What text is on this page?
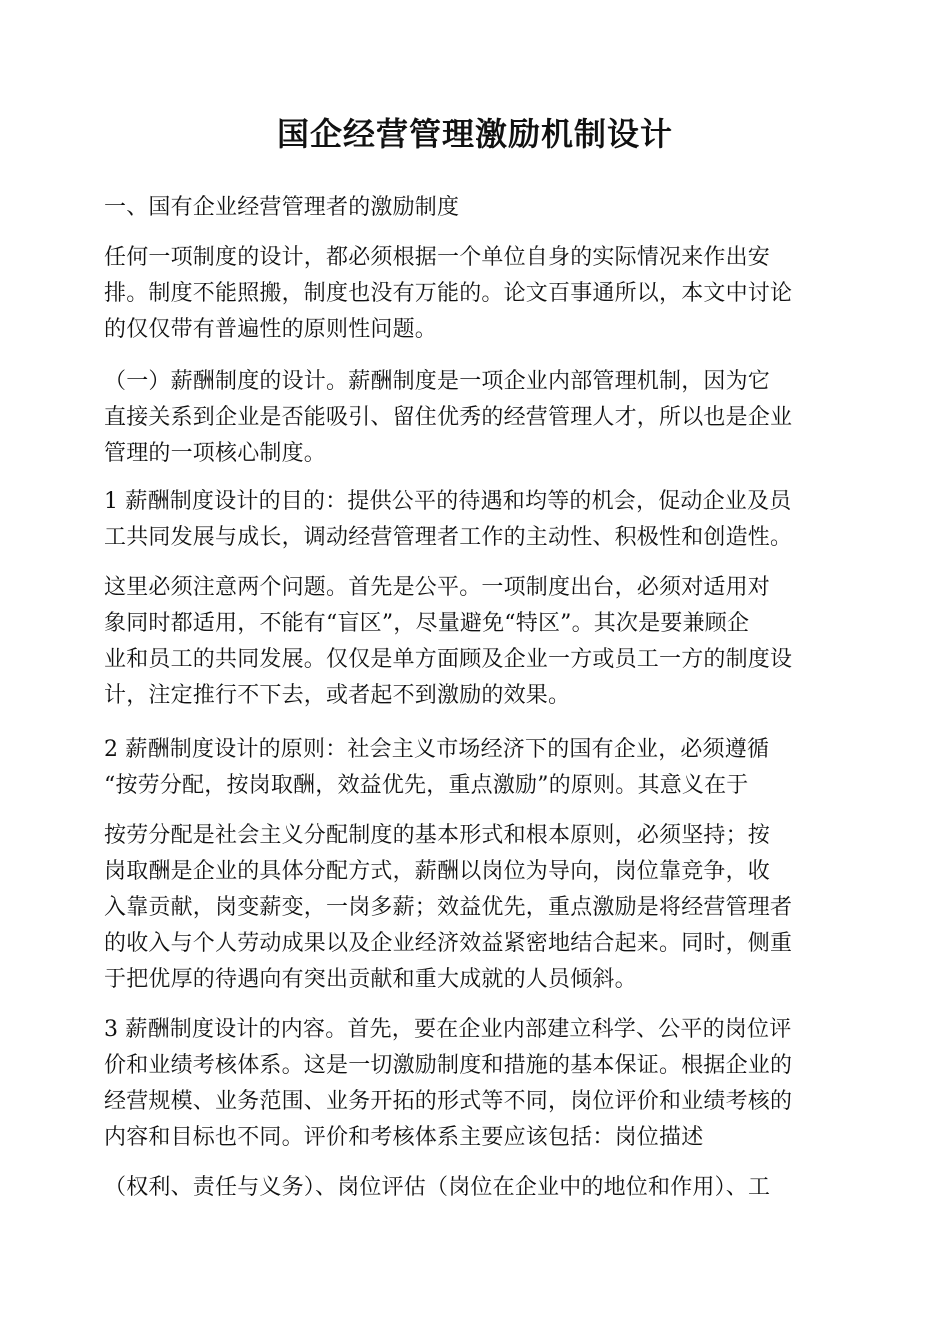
国企经营管理激励机制设计
一、国有企业经营管理者的激励制度
任何一项制度的设计，都必须根据一个单位自身的实际情况来作出安
排。制度不能照搬，制度也没有万能的。论文百事通所以，本文中讨论
的仅仅带有普遍性的原则性问题。
（一）薪酬制度的设计。薪酬制度是一项企业内部管理机制，因为它
直接关系到企业是否能吸引、留住优秀的经营管理人才，所以也是企业
管理的一项核心制度。
1 薪酬制度设计的目的：提供公平的待遇和均等的机会，促动企业及员
工共同发展与成长，调动经营管理者工作的主动性、积极性和创造性。
这里必须注意两个问题。首先是公平。一项制度出台，必须对适用对
象同时都适用，不能有“盲区”，尽量避免“特区”。其次是要兼顾企
业和员工的共同发展。仅仅是单方面顾及企业一方或员工一方的制度设
计，注定推行不下去，或者起不到激励的效果。
2 薪酬制度设计的原则：社会主义市场经济下的国有企业，必须遵循
“按劳分配，按岗取酬，效益优先，重点激励”的原则。其意义在于
按劳分配是社会主义分配制度的基本形式和根本原则，必须坚持；按
岗取酬是企业的具体分配方式，薪酬以岗位为导向，岗位靠竞争，收
入靠贡献，岗变薪变，一岗多薪；效益优先，重点激励是将经营管理者
的收入与个人劳动成果以及企业经济效益紧密地结合起来。同时，侧重
于把优厚的待遇向有突出贡献和重大成就的人员倾斜。
3 薪酬制度设计的内容。首先，要在企业内部建立科学、公平的岗位评
价和业绩考核体系。这是一切激励制度和措施的基本保证。根据企业的
经营规模、业务范围、业务开拓的形式等不同，岗位评价和业绩考核的
内容和目标也不同。评价和考核体系主要应该包括：岗位描述
（权利、责任与义务）、岗位评估（岗位在企业中的地位和作用）、工
